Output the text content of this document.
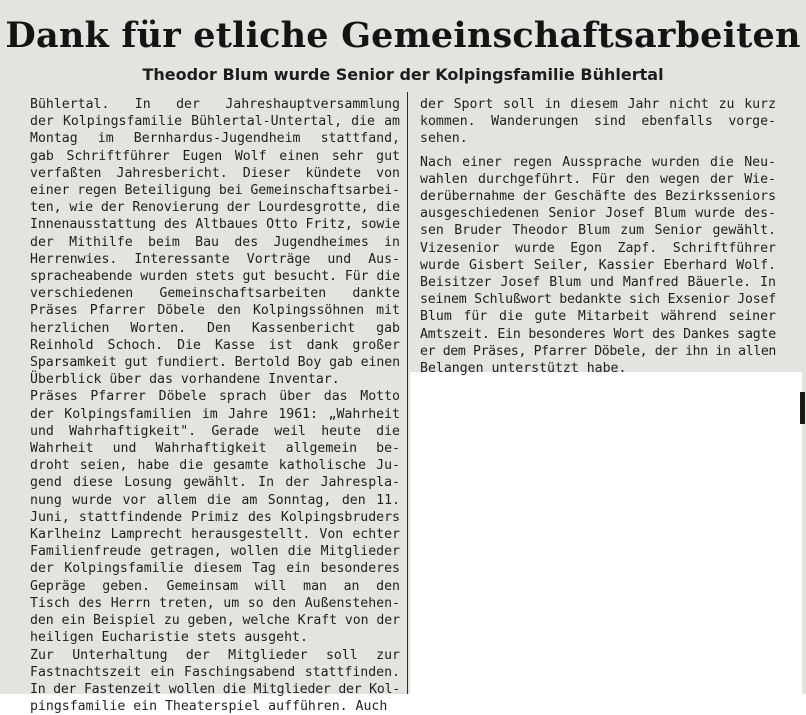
Dank für etliche Gemeinschaftsarbeiten
Theodor Blum wurde Senior der Kolpingsfamilie Bühlertal
Bühlertal. In der Jahreshauptversammlung
der Kolpingsfamilie Bühlertal-Untertal, die am
Montag im Bernhardus-Jugendheim stattfand,
gab Schriftführer Eugen Wolf einen sehr gut
verfaßten Jahresbericht. Dieser kündete von
einer regen Beteiligung bei Gemeinschaftsarbei-
ten, wie der Renovierung der Lourdesgrotte, die
Innenausstattung des Altbaues Otto Fritz, sowie
der Mithilfe beim Bau des Jugendheimes in
Herrenwies. Interessante Vorträge und Aus-
spracheabende wurden stets gut besucht. Für die
verschiedenen Gemeinschaftsarbeiten dankte
Präses Pfarrer Döbele den Kolpingssöhnen mit
herzlichen Worten. Den Kassenbericht gab
Reinhold Schoch. Die Kasse ist dank großer
Sparsamkeit gut fundiert. Bertold Boy gab einen
Überblick über das vorhandene Inventar.
Präses Pfarrer Döbele sprach über das Motto
der Kolpingsfamilien im Jahre 1961: „Wahrheit
und Wahrhaftigkeit". Gerade weil heute die
Wahrheit und Wahrhaftigkeit allgemein be-
droht seien, habe die gesamte katholische Ju-
gend diese Losung gewählt. In der Jahrespla-
nung wurde vor allem die am Sonntag, den 11.
Juni, stattfindende Primiz des Kolpingsbruders
Karlheinz Lamprecht herausgestellt. Von echter
Familienfreude getragen, wollen die Mitglieder
der Kolpingsfamilie diesem Tag ein besonderes
Gepräge geben. Gemeinsam will man an den
Tisch des Herrn treten, um so den Außenstehen-
den ein Beispiel zu geben, welche Kraft von der
heiligen Eucharistie stets ausgeht.
Zur Unterhaltung der Mitglieder soll zur
Fastnachtszeit ein Faschingsabend stattfinden.
In der Fastenzeit wollen die Mitglieder der Kol-
pingsfamilie ein Theaterspiel aufführen. Auch
der Sport soll in diesem Jahr nicht zu kurz
kommen. Wanderungen sind ebenfalls vorge-
sehen.
Nach einer regen Aussprache wurden die Neu-
wahlen durchgeführt. Für den wegen der Wie-
derübernahme der Geschäfte des Bezirksseniors
ausgeschiedenen Senior Josef Blum wurde des-
sen Bruder Theodor Blum zum Senior gewählt.
Vizesenior wurde Egon Zapf. Schriftführer
wurde Gisbert Seiler, Kassier Eberhard Wolf.
Beisitzer Josef Blum und Manfred Bäuerle. In
seinem Schlußwort bedankte sich Exsenior Josef
Blum für die gute Mitarbeit während seiner
Amtszeit. Ein besonderes Wort des Dankes sagte
er dem Präses, Pfarrer Döbele, der ihn in allen
Belangen unterstützt habe.
